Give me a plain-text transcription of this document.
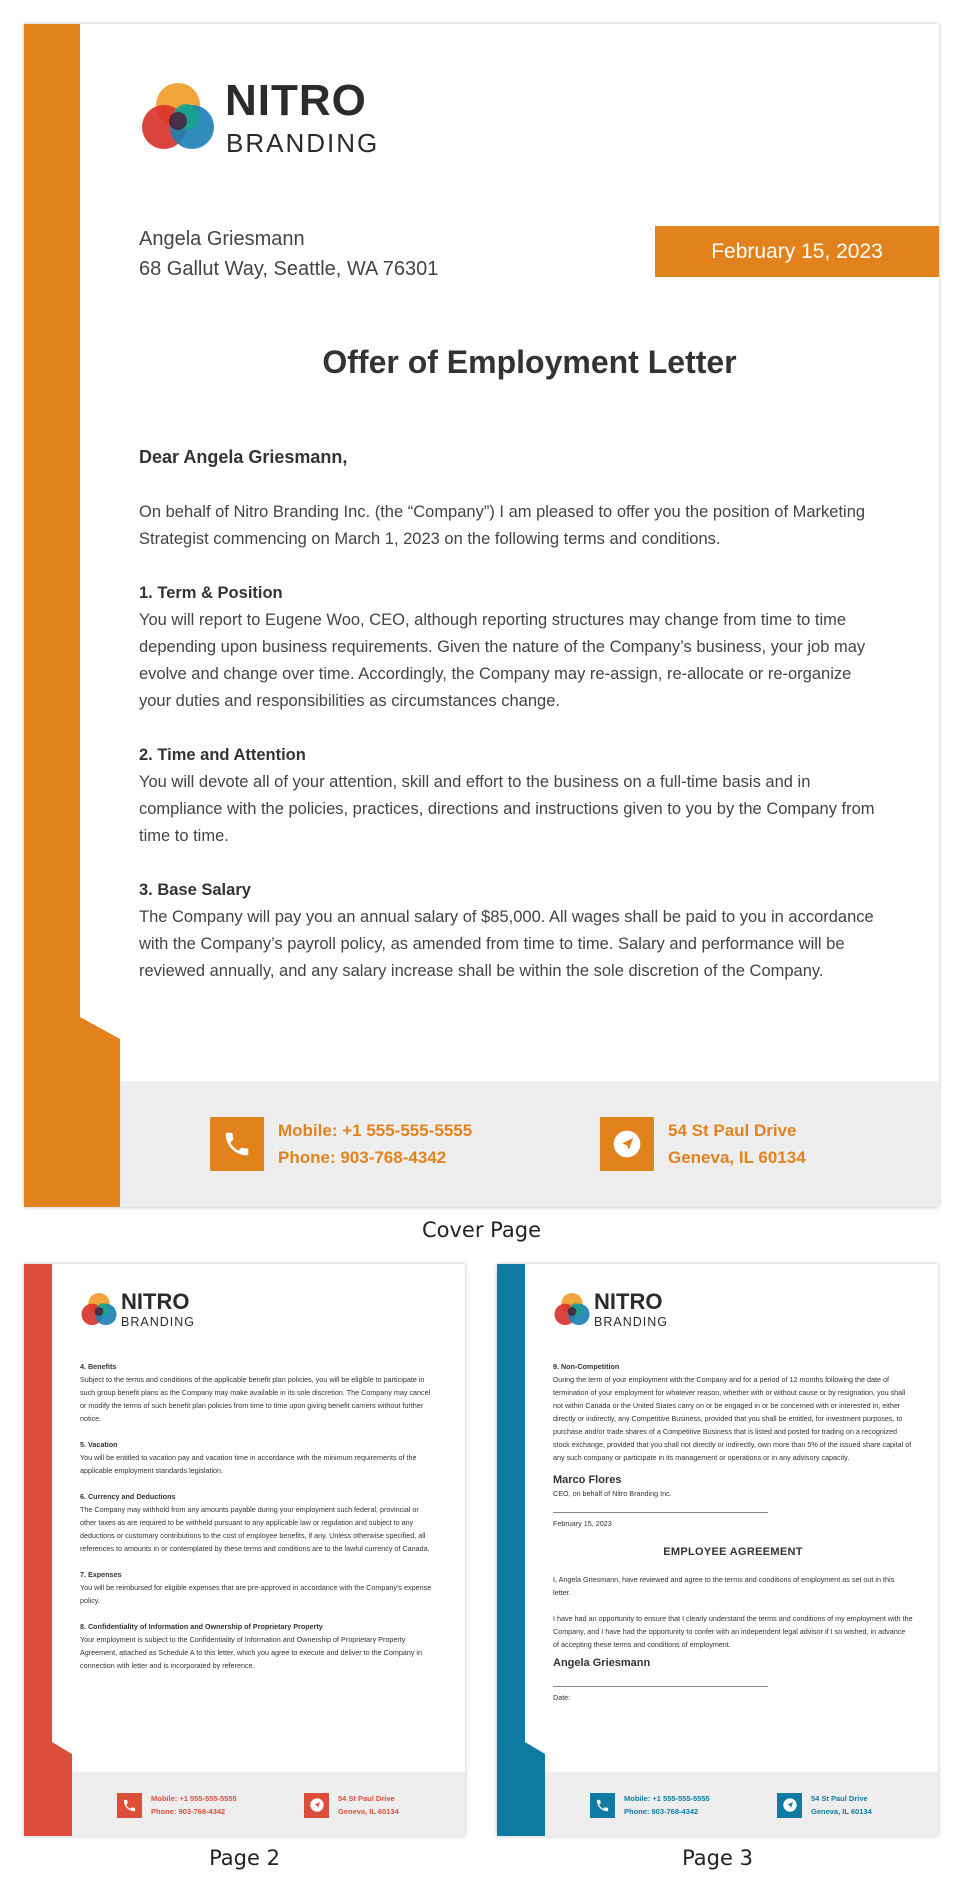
NITRO
BRANDING
Angela Griesmann
68 Gallut Way, Seattle, WA 76301
February 15, 2023
Offer of Employment Letter

Dear Angela Griesmann,

On behalf of Nitro Branding Inc. (the “Company”) I am pleased to offer you the position of Marketing Strategist commencing on March 1, 2023 on the following terms and conditions.

1. Term & Position
You will report to Eugene Woo, CEO, although reporting structures may change from time to time depending upon business requirements. Given the nature of the Company’s business, your job may evolve and change over time. Accordingly, the Company may re-assign, re-allocate or re-organize your duties and responsibilities as circumstances change.

2. Time and Attention
You will devote all of your attention, skill and effort to the business on a full-time basis and in compliance with the policies, practices, directions and instructions given to you by the Company from time to time.

3. Base Salary
The Company will pay you an annual salary of $85,000. All wages shall be paid to you in accordance with the Company’s payroll policy, as amended from time to time. Salary and performance will be reviewed annually, and any salary increase shall be within the sole discretion of the Company.

Mobile: +1 555-555-5555
Phone: 903-768-4342
54 St Paul Drive
Geneva, IL 60134
Cover Page
NITRO
BRANDING

4. Benefits
Subject to the terms and conditions of the applicable benefit plan policies, you will be eligible to participate in such group benefit plans as the Company may make available in its sole discretion. The Company may cancel or modify the terms of such benefit plan policies from time to time upon giving benefit carriers without further notice.

5. Vacation
You will be entitled to vacation pay and vacation time in accordance with the minimum requirements of the applicable employment standards legislation.

6. Currency and Deductions
The Company may withhold from any amounts payable during your employment such federal, provincial or other taxes as are required to be withheld pursuant to any applicable law or regulation and subject to any deductions or customary contributions to the cost of employee benefits, if any. Unless otherwise specified, all references to amounts in or contemplated by these terms and conditions are to the lawful currency of Canada.

7. Expenses
You will be reimbursed for eligible expenses that are pre-approved in accordance with the Company’s expense policy.

8. Confidentiality of Information and Ownership of Proprietary Property
Your employment is subject to the Confidentiality of Information and Ownership of Proprietary Property Agreement, attached as Schedule A to this letter, which you agree to execute and deliver to the Company in connection with letter and is incorporated by reference.

Mobile: +1 555-555-5555
Phone: 903-768-4342
54 St Paul Drive
Geneva, IL 60134
Page 2
NITRO
BRANDING

9. Non-Competition
During the term of your employment with the Company and for a period of 12 months following the date of termination of your employment for whatever reason, whether with or without cause or by resignation, you shall not within Canada or the United States carry on or be engaged in or be concerned with or interested in, either directly or indirectly, any Competitive Business, provided that you shall be entitled, for investment purposes, to purchase and/or trade shares of a Competitive Business that is listed and posted for trading on a recognized stock exchange, provided that you shall not directly or indirectly, own more than 5% of the issued share capital of any such company or participate in its management or operations or in any advisory capacity.

Marco Flores
CEO, on behalf of Nitro Branding Inc.
February 15, 2023
EMPLOYEE AGREEMENT

I, Angela Griesmann, have reviewed and agree to the terms and conditions of employment as set out in this letter.

I have had an opportunity to ensure that I clearly understand the terms and conditions of my employment with the Company, and I have had the opportunity to confer with an independent legal advisor if I so wished, in advance of accepting these terms and conditions of employment.

Angela Griesmann
Date:
Mobile: +1 555-555-5555
Phone: 903-768-4342
54 St Paul Drive
Geneva, IL 60134
Page 3
